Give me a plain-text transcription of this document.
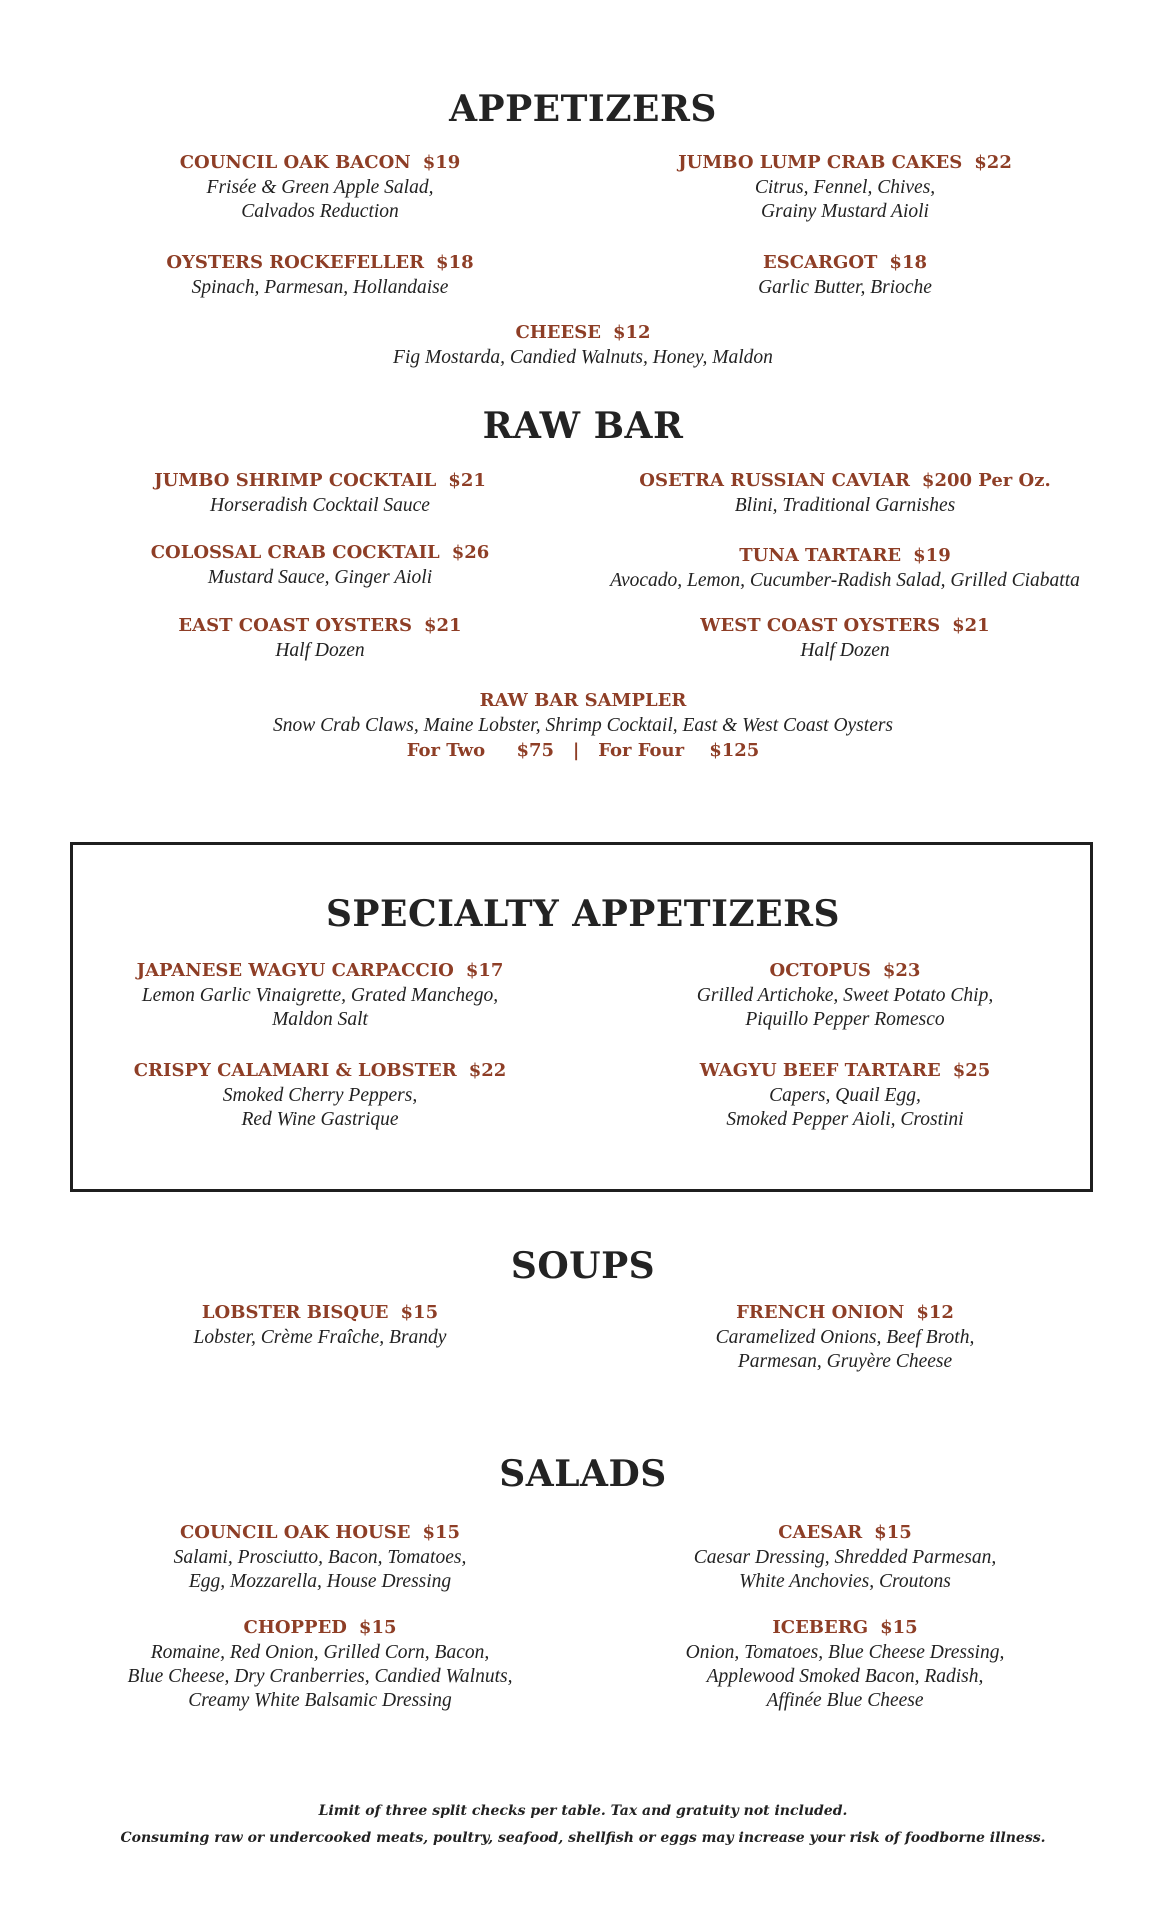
APPETIZERS
COUNCIL OAK BACON $19
Frisée & Green Apple Salad,
Calvados Reduction
JUMBO LUMP CRAB CAKES $22
Citrus, Fennel, Chives,
Grainy Mustard Aioli
OYSTERS ROCKEFELLER $18
Spinach, Parmesan, Hollandaise
ESCARGOT $18
Garlic Butter, Brioche
CHEESE $12
Fig Mostarda, Candied Walnuts, Honey, Maldon
RAW BAR
JUMBO SHRIMP COCKTAIL $21
Horseradish Cocktail Sauce
OSETRA RUSSIAN CAVIAR $200 Per Oz.
Blini, Traditional Garnishes
COLOSSAL CRAB COCKTAIL $26
Mustard Sauce, Ginger Aioli
TUNA TARTARE $19
Avocado, Lemon, Cucumber-Radish Salad, Grilled Ciabatta
EAST COAST OYSTERS $21
Half Dozen
WEST COAST OYSTERS $21
Half Dozen
RAW BAR SAMPLER
Snow Crab Claws, Maine Lobster, Shrimp Cocktail, East & West Coast Oysters
For Two     $75   |   For Four    $125
SPECIALTY APPETIZERS
JAPANESE WAGYU CARPACCIO $17
Lemon Garlic Vinaigrette, Grated Manchego,
Maldon Salt
OCTOPUS $23
Grilled Artichoke, Sweet Potato Chip,
Piquillo Pepper Romesco
CRISPY CALAMARI & LOBSTER $22
Smoked Cherry Peppers,
Red Wine Gastrique
WAGYU BEEF TARTARE $25
Capers, Quail Egg,
Smoked Pepper Aioli, Crostini
SOUPS
LOBSTER BISQUE $15
Lobster, Crème Fraîche, Brandy
FRENCH ONION $12
Caramelized Onions, Beef Broth,
Parmesan, Gruyère Cheese
SALADS
COUNCIL OAK HOUSE $15
Salami, Prosciutto, Bacon, Tomatoes,
Egg, Mozzarella, House Dressing
CAESAR $15
Caesar Dressing, Shredded Parmesan,
White Anchovies, Croutons
CHOPPED $15
Romaine, Red Onion, Grilled Corn, Bacon,
Blue Cheese, Dry Cranberries, Candied Walnuts,
Creamy White Balsamic Dressing
ICEBERG $15
Onion, Tomatoes, Blue Cheese Dressing,
Applewood Smoked Bacon, Radish,
Affinée Blue Cheese
Limit of three split checks per table. Tax and gratuity not included.
Consuming raw or undercooked meats, poultry, seafood, shellfish or eggs may increase your risk of foodborne illness.
